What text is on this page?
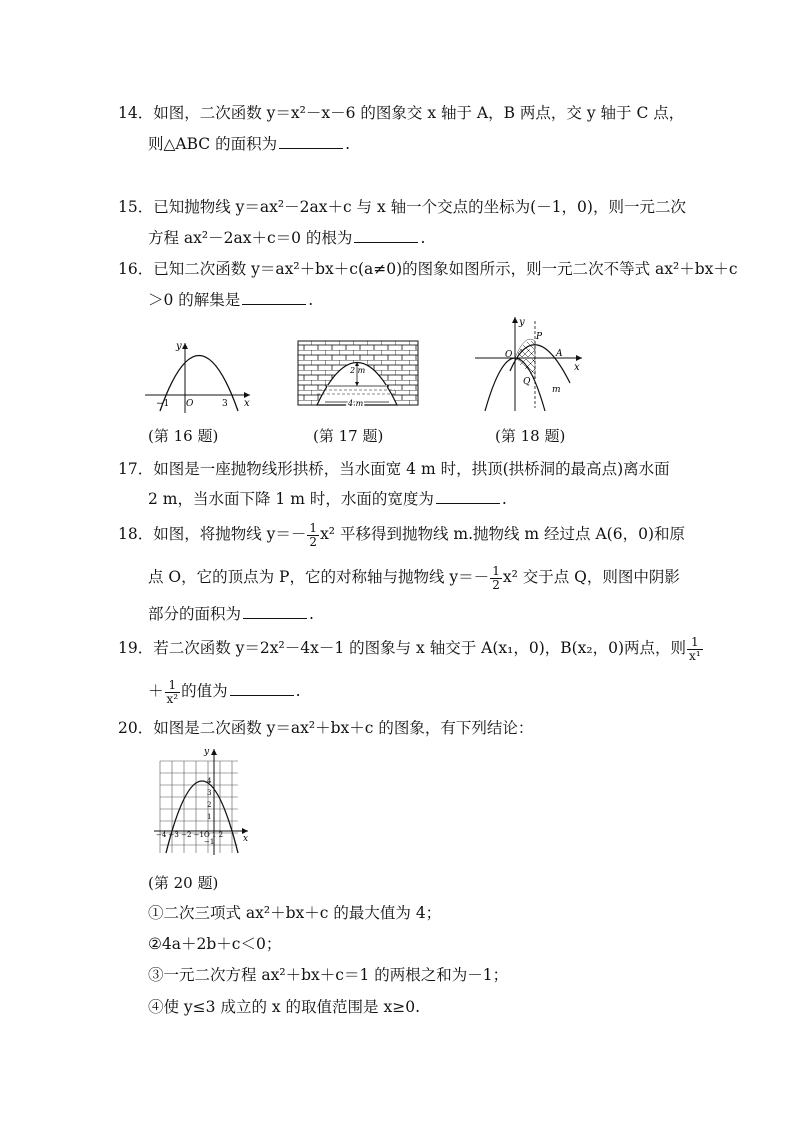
14．如图，二次函数 y＝x²－x－6 的图象交 x 轴于 A，B 两点，交 y 轴于 C 点，
则△ABC 的面积为	.
15．已知抛物线 y＝ax²－2ax＋c 与 x 轴一个交点的坐标为(－1，0)，则一元二次
方程 ax²－2ax＋c＝0 的根为	.
16．已知二次函数 y＝ax²＋bx＋c(a≠0)的图象如图所示，则一元二次不等式 ax²＋bx＋c
＞0 的解集是	.
y
x
O
−1	3
(第 16 题)
2 m
4 m
(第 17 题)
y
x
O
P
A
Q
m
(第 18 题)
17．如图是一座抛物线形拱桥，当水面宽 4 m 时，拱顶(拱桥洞的最高点)离水面
2 m，当水面下降 1 m 时，水面的宽度为	.
18．如图，将抛物线 $y=- \frac{1}{2} x^2$ 平移得到抛物线 m.抛物线 m 经过点 A(6，0)和原
点 O，它的顶点为 P，它的对称轴与抛物线 $y=- \frac{1}{2} x^2$ 交于点 Q，则图中阴影
部分的面积为	.
19．若二次函数 y＝2x²－4x－1 的图象与 x 轴交于 A(x₁，0)，B(x₂，0)两点，则 $\frac{1}{\text{x¹}}$
＋ $\frac{1}{\text{x²}}$ 的值为	.
20．如图是二次函数 y＝ax²＋bx＋c 的图象，有下列结论：
y
x
4
3
2
1
−1
−4 −3 −2 −1O 1 2
(第 20 题)
①二次三项式 ax²＋bx＋c 的最大值为 4；
②4a＋2b＋c＜0；
③一元二次方程 ax²＋bx＋c＝1 的两根之和为－1；
④使 y≤3 成立的 x 的取值范围是 x≥0.
